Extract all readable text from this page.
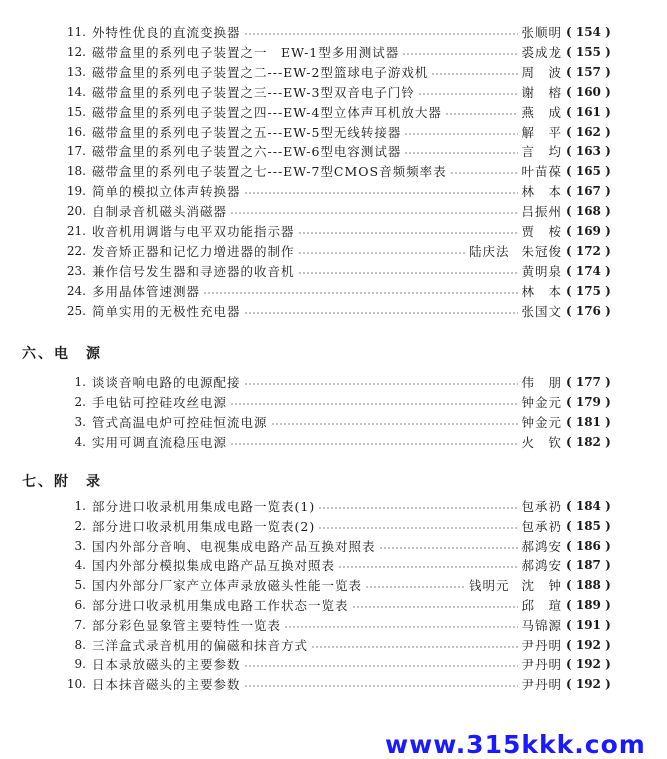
11. 外特性优良的直流变换器	张顺明 ( 154 )
12. 磁带盒里的系列电子装置之一 　EW-1型多用测试器	裘成龙 ( 155 )
13. 磁带盒里的系列电子装置之二 ---EW-2型篮球电子游戏机	周　波 ( 157 )
14. 磁带盒里的系列电子装置之三 ---EW-3型双音电子门铃	谢　榕 ( 160 )
15. 磁带盒里的系列电子装置之四 ---EW-4型立体声耳机放大器	燕　成 ( 161 )
16. 磁带盒里的系列电子装置之五 ---EW-5型无线转接器	解　平 ( 162 )
17. 磁带盒里的系列电子装置之六 ---EW-6型电容测试器	言　均 ( 163 )
18. 磁带盒里的系列电子装置之七 ---EW-7型CMOS音频频率表	叶苗葆 ( 165 )
19. 简单的模拟立体声转换器	林　本 ( 167 )
20. 自制录音机磁头消磁器	吕振州 ( 168 )
21. 收音机用调谐与电平双功能指示器	贾　桉 ( 169 )
22. 发音矫正器和记忆力增进器的制作	陆庆法 朱冠俊 ( 172 )
23. 兼作信号发生器和寻迹器的收音机	黄明泉 ( 174 )
24. 多用晶体管速测器	林　本 ( 175 )
25. 简单实用的无极性充电器	张国文 ( 176 )
六、电　源
1. 谈谈音响电路的电源配接	伟　朋 ( 177 )
2. 手电钻可控硅攻丝电源	钟金元 ( 179 )
3. 管式高温电炉可控硅恒流电源	钟金元 ( 181 )
4. 实用可调直流稳压电源	火　钦 ( 182 )
七、附　录
1. 部分进口收录机用集成电路一览表(1)	包承礽 ( 184 )
2. 部分进口收录机用集成电路一览表(2)	包承礽 ( 185 )
3. 国内外部分音响、电视集成电路产品互换对照表	郝鸿安 ( 186 )
4. 国内外部分模拟集成电路产品互换对照表	郝鸿安 ( 187 )
5. 国内外部分厂家产立体声录放磁头性能一览表	钱明元 沈　钟 ( 188 )
6. 部分进口收录机用集成电路工作状态一览表	邱　瑄 ( 189 )
7. 部分彩色显象管主要特性一览表	马锦源 ( 191 )
8. 三洋盒式录音机用的偏磁和抹音方式	尹丹明 ( 192 )
9. 日本录放磁头的主要参数	尹丹明 ( 192 )
10. 日本抹音磁头的主要参数	尹丹明 ( 192 )
www.315kkk.com
